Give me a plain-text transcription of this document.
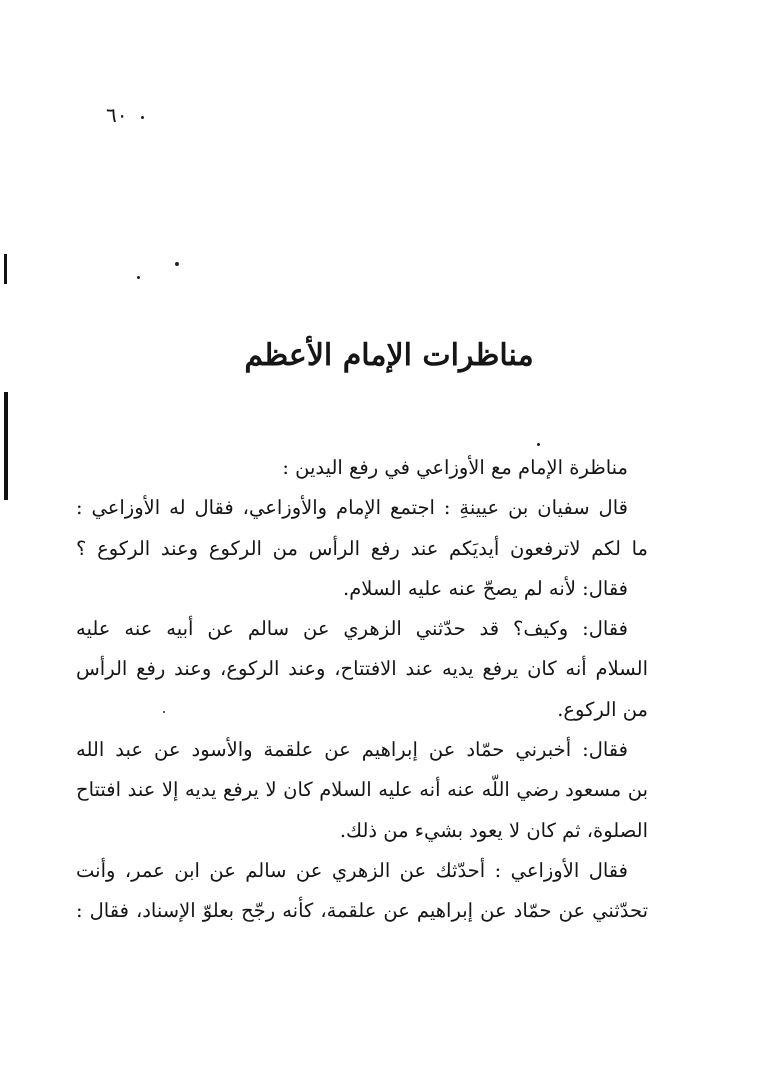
٦٠
مناظرات الإمام الأعظم
مناظرة الإمام مع الأوزاعي في رفع اليدين :
قال سفيان بن عيينةِ : اجتمع الإمام والأوزاعي، فقال له الأوزاعي :
ما لكم لاترفعون أيديَكم عند رفع الرأس من الركوع وعند الركوع ؟
فقال: لأنه لم يصحّ عنه عليه السلام.
فقال: وكيف؟ قد حدّثني الزهري عن سالم عن أبيه عنه عليه
السلام أنه كان يرفع يديه عند الافتتاح، وعند الركوع، وعند رفع الرأس
من الركوع.
فقال: أخبرني حمّاد عن إبراهيم عن علقمة والأسود عن عبد الله
بن مسعود رضي اللّه عنه أنه عليه السلام كان لا يرفع يديه إلا عند افتتاح
الصلوة، ثم كان لا يعود بشيء من ذلك.
فقال الأوزاعي : أحدّثك عن الزهري عن سالم عن ابن عمر، وأنت
تحدّثني عن حمّاد عن إبراهيم عن علقمة، كأنه رجّح بعلوّ الإسناد، فقال :
